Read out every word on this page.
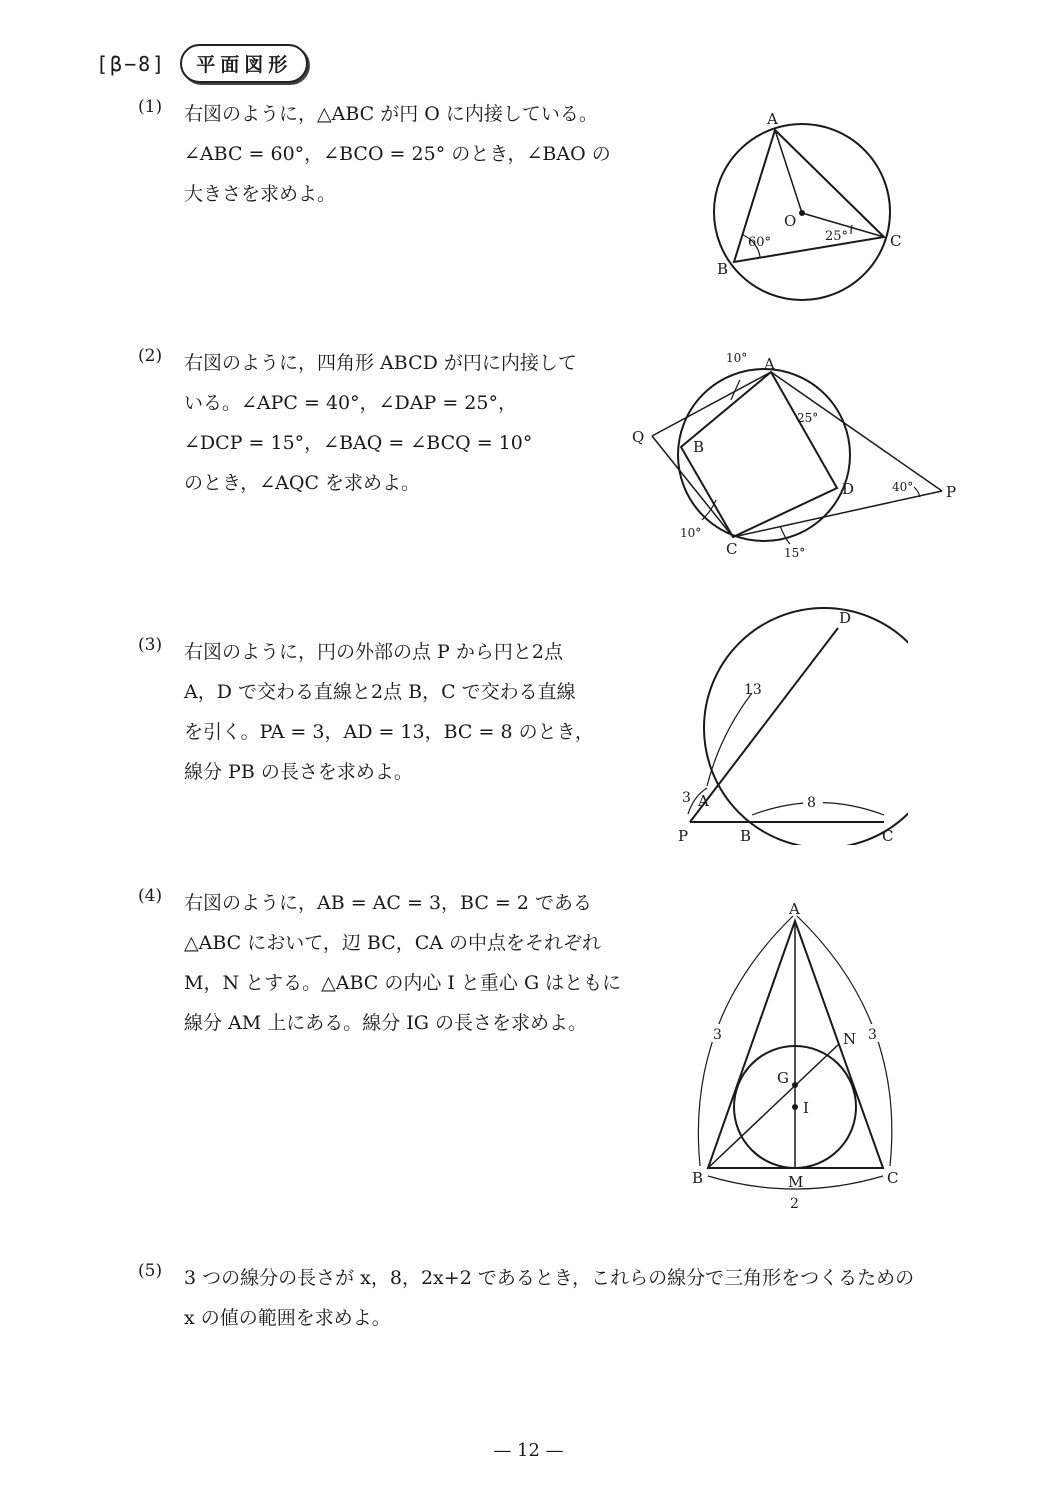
[β−8]	平面図形
(1)	右図のように，△ABC が円 O に内接している。
∠ABC = 60°，∠BCO = 25° のとき，∠BAO の
大きさを求めよ。
A
B
C
O
60°	25°
(2)	右図のように，四角形 ABCD が円に内接して
いる。∠APC = 40°，∠DAP = 25°，
∠DCP = 15°，∠BAQ = ∠BCQ = 10°
のとき，∠AQC を求めよ。
A
B
C
D	P
Q
10°
25°
40°
10°
15°
(3)	右図のように，円の外部の点 P から円と2点
A，D で交わる直線と2点 B，C で交わる直線
を引く。PA = 3，AD = 13，BC = 8 のとき，
線分 PB の長さを求めよ。
D
A
P	B	C
13
3	8
(4)	右図のように，AB = AC = 3，BC = 2 である
△ABC において，辺 BC，CA の中点をそれぞれ
M，N とする。△ABC の内心 I と重心 G はともに
線分 AM 上にある。線分 IG の長さを求めよ。
A
B	C
M
N
G
I
3	3
2
(5)	3 つの線分の長さが x，8，2x+2 であるとき，これらの線分で三角形をつくるための
x の値の範囲を求めよ。
— 12 —
